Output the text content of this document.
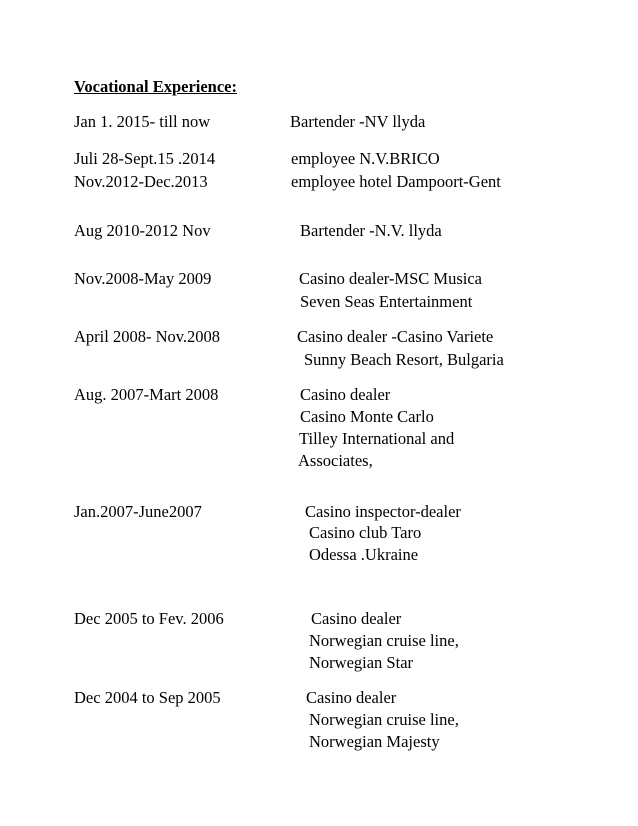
Vocational Experience:
Jan 1. 2015- till now	Bartender -NV llyda
Juli 28-Sept.15 .2014	employee N.V.BRICO
Nov.2012-Dec.2013	employee hotel Dampoort-Gent
Aug 2010-2012 Nov	Bartender -N.V. llyda
Nov.2008-May 2009	Casino dealer-MSC Musica
Seven Seas Entertainment
April 2008- Nov.2008	Casino dealer -Casino Variete
Sunny Beach Resort, Bulgaria
Aug. 2007-Mart 2008	Casino dealer
Casino Monte Carlo
Tilley International and
Associates,
Jan.2007-June2007	Casino inspector-dealer
Casino club Taro
Odessa .Ukraine
Dec 2005 to Fev. 2006	Casino dealer
Norwegian cruise line,
Norwegian Star
Dec 2004 to Sep 2005	Casino dealer
Norwegian cruise line,
Norwegian Majesty
